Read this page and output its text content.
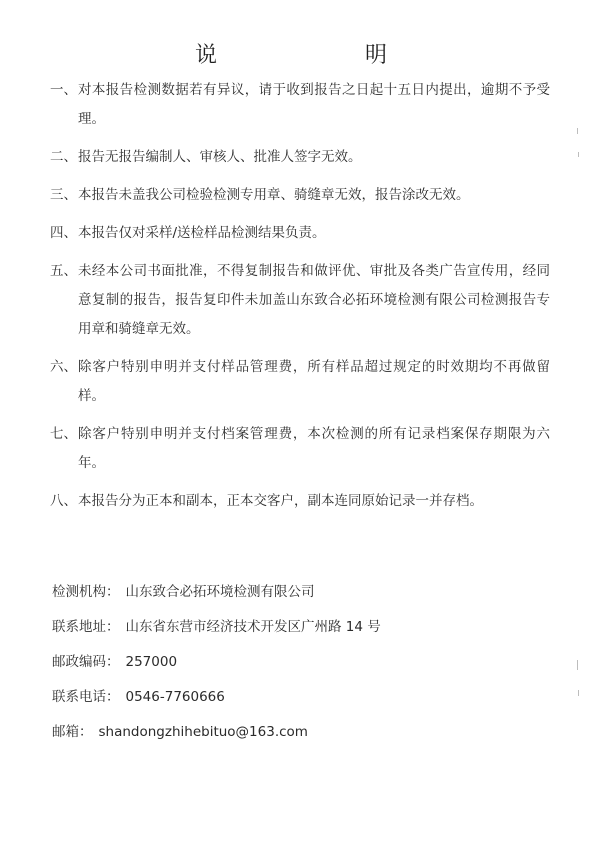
说	明
一、 对本报告检测数据若有异议，请于收到报告之日起十五日内提出，逾期不予受理。
二、 报告无报告编制人、审核人、批准人签字无效。
三、 本报告未盖我公司检验检测专用章、骑缝章无效，报告涂改无效。
四、 本报告仅对采样/送检样品检测结果负责。
五、 未经本公司书面批准，不得复制报告和做评优、审批及各类广告宣传用，经同意复制的报告，报告复印件未加盖山东致合必拓环境检测有限公司检测报告专用章和骑缝章无效。
六、 除客户特别申明并支付样品管理费，所有样品超过规定的时效期均不再做留样。
七、 除客户特别申明并支付档案管理费，本次检测的所有记录档案保存期限为六年。
八、 本报告分为正本和副本，正本交客户，副本连同原始记录一并存档。
检测机构： 山东致合必拓环境检测有限公司
联系地址： 山东省东营市经济技术开发区广州路 14 号
邮政编码： 257000
联系电话： 0546-7760666
邮箱： shandongzhihebituo@163.com
